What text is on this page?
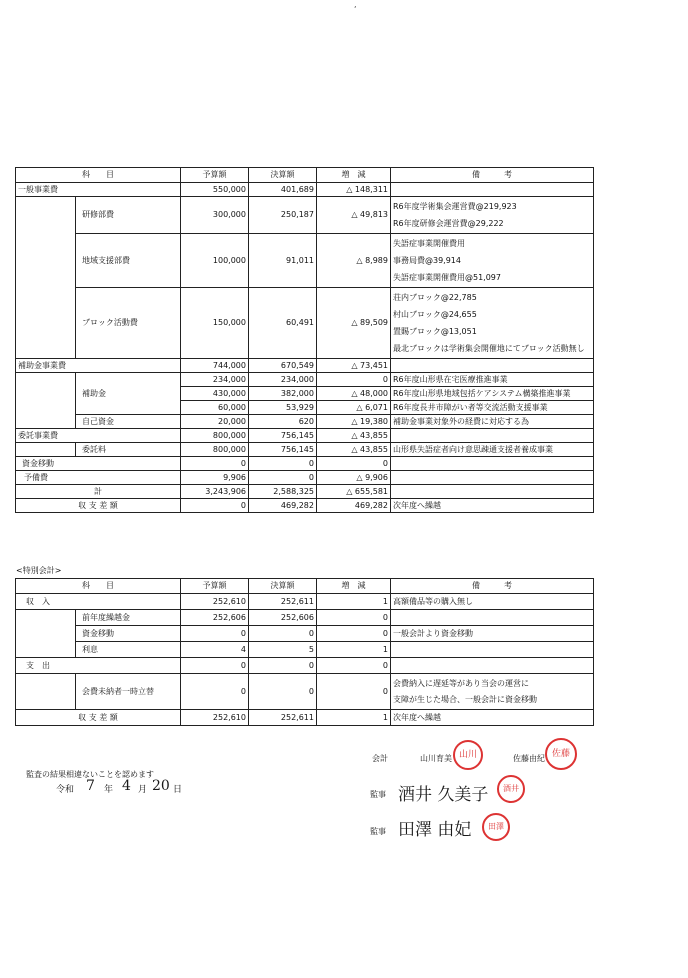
,
科　　目		予算額	決算額	増　減	備　　　考
一般事業費		550,000	401,689	△ 148,311	
	研修部費	300,000	250,187	△ 49,813	R6年度学術集会運営費@219,923

R6年度研修会運営費@29,222

	地域支援部費	100,000	91,011	△ 8,989	失語症事業開催費用

事務局費@39,914

失語症事業開催費用@51,097

	ブロック活動費	150,000	60,491	△ 89,509	荘内ブロック@22,785

村山ブロック@24,655

置賜ブロック@13,051

最北ブロックは学術集会開催地にてブロック活動無し

補助金事業費		744,000	670,549	△ 73,451	
	補助金	234,000	234,000	0	R6年度山形県在宅医療推進事業
		430,000	382,000	△ 48,000	R6年度山形県地域包括ケアシステム構築推進事業
		60,000	53,929	△ 6,071	R6年度長井市障がい者等交流活動支援事業
	自己資金	20,000	620	△ 19,380	補助金事業対象外の経費に対応する為
委託事業費		800,000	756,145	△ 43,855	
	委託料	800,000	756,145	△ 43,855	山形県失語症者向け意思疎通支援者養成事業
資金移動		0	0	0	
予備費		9,906	0	△ 9,906	
計		3,243,906	2,588,325	△ 655,581	
収 支 差 額		0	469,282	469,282	次年度へ繰越
<特別会計>
科　　目		予算額	決算額	増　減	備　　　考
収　入		252,610	252,611	1	高額備品等の購入無し
	前年度繰越金	252,606	252,606	0	
	資金移動	0	0	0	一般会計より資金移動
	利息	4	5	1	
支　出		0	0	0	
	会費未納者一時立替	0	0	0	会費納入に遅延等があり当会の運営に

支障が生じた場合、一般会計に資金移動

収 支 差 額		252,610	252,611	1	次年度へ繰越
監査の結果相違ないことを認めます
令和 7 年 4 月 20 日
会計	山川育美 山川	佐藤由紀 佐藤
監事 酒井 久美子	酒井
監事 田澤 由妃	田澤
